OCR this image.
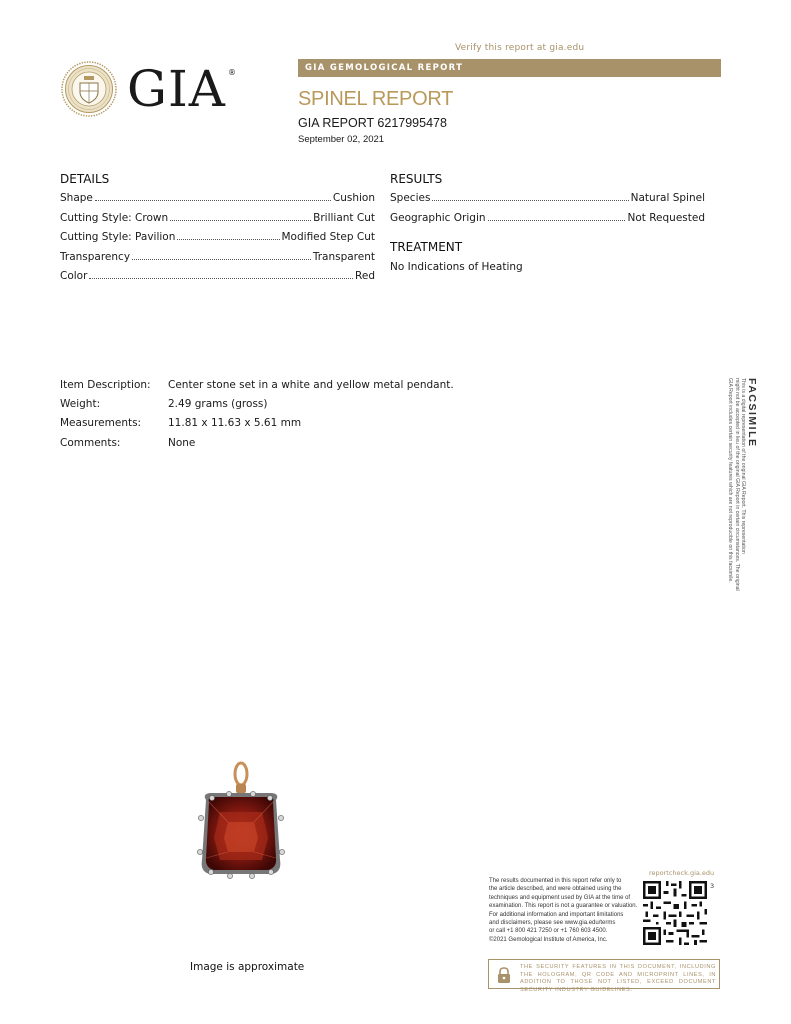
Verify this report at gia.edu
GIA GEMOLOGICAL REPORT
GIA ®
SPINEL REPORT
GIA REPORT 6217995478
September 02, 2021
DETAILS
Shape	Cushion
Cutting Style: Crown	Brilliant Cut
Cutting Style: Pavilion	Modified Step Cut
Transparency	Transparent
Color	Red
RESULTS
Species	Natural Spinel
Geographic Origin	Not Requested
TREATMENT
No Indications of Heating
Item Description: Center stone set in a white and yellow metal pendant.
Weight:	2.49 grams (gross)
Measurements:	11.81 x 11.63 x 5.61 mm
Comments:	None	FACSIMILE
This is a digital representation of the original GIA Report. This representation
might not be accepted in lieu of the original GIA Report in certain circumstances. The original
GIA Report includes certain security features which are not reproducible on this facsimile.
Image is approximate
The results documented in this report refer only to
the article described, and were obtained using the
techniques and equipment used by GIA at the time of
examination. This report is not a guarantee or valuation.
For additional information and important limitations
and disclaimers, please see www.gia.edu/terms
or call +1 800 421 7250 or +1 760 603 4500.
©2021 Gemological Institute of America, Inc.
reportcheck.gia.edu
3
THE SECURITY FEATURES IN THIS DOCUMENT, INCLUDING THE HOLOGRAM, QR CODE AND MICROPRINT LINES, IN ADDITION TO THOSE NOT LISTED, EXCEED DOCUMENT SECURITY INDUSTRY GUIDELINES.
